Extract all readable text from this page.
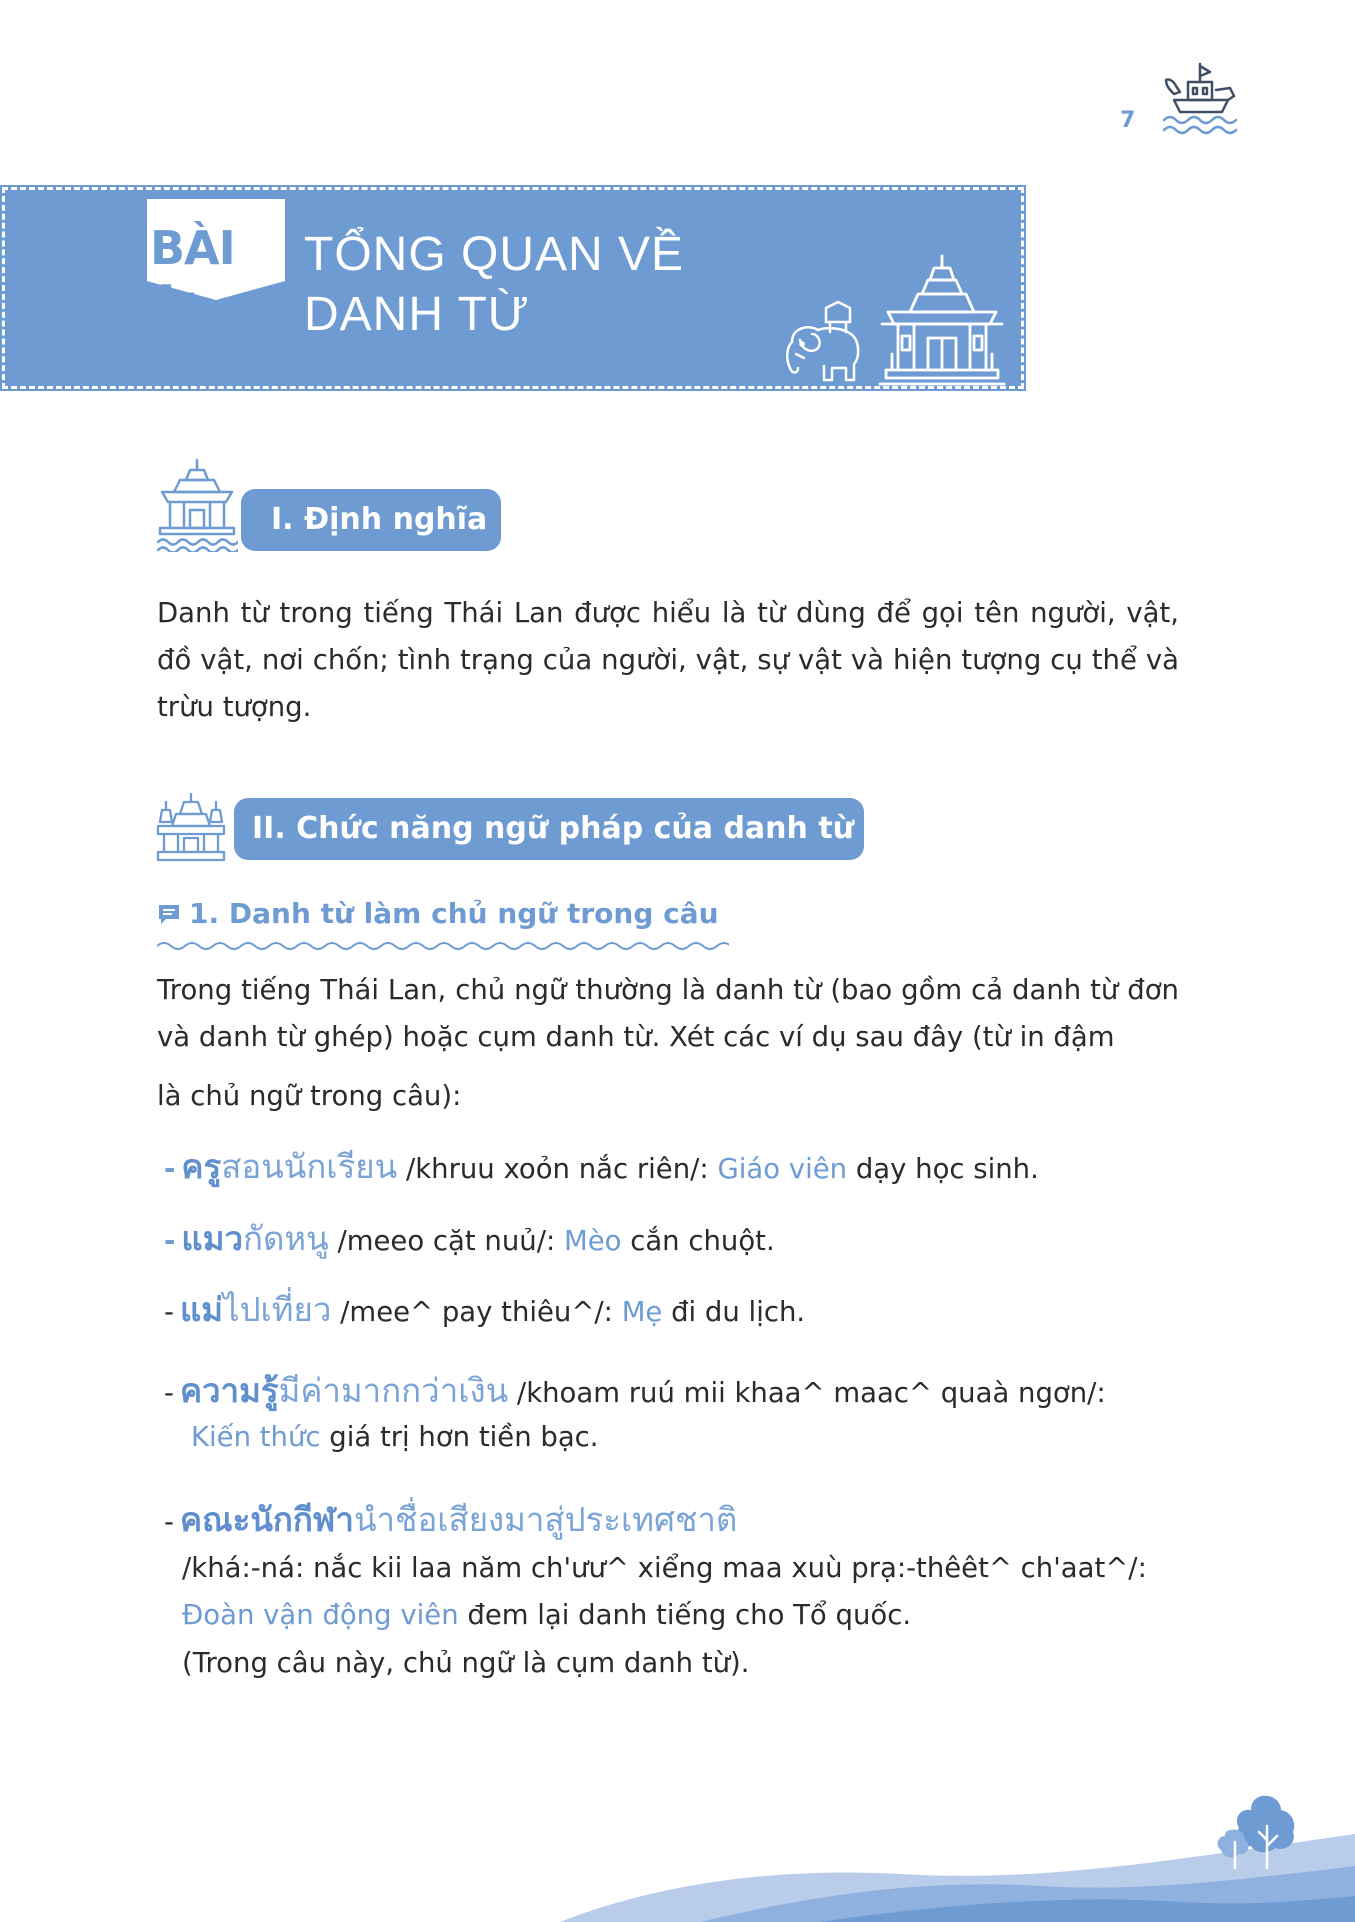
7
BÀI 1:
TỔNG QUAN VỀ
DANH TỪ
I. Định nghĩa
Danh từ trong tiếng Thái Lan được hiểu là từ dùng để gọi tên người, vật, đồ vật, nơi chốn; tình trạng của người, vật, sự vật và hiện tượng cụ thể và trừu tượng.
II. Chức năng ngữ pháp của danh từ
1. Danh từ làm chủ ngữ trong câu
Trong tiếng Thái Lan, chủ ngữ thường là danh từ (bao gồm cả danh từ đơn và danh từ ghép) hoặc cụm danh từ. Xét các ví dụ sau đây (từ in đậm
là chủ ngữ trong câu):
- ครูสอนนักเรียน /khruu xoỏn nắc riên/: Giáo viên dạy học sinh.
- แมวกัดหนู /meeo cặt nuủ/: Mèo cắn chuột.
- แม่ไปเที่ยว /mee^ pay thiêu^/: Mẹ đi du lịch.
- ความรู้มีค่ามากกว่าเงิน /khoam ruú mii khaa^ maac^ quaà ngơn/:
Kiến thức giá trị hơn tiền bạc.
- คณะนักกีฬานำชื่อเสียงมาสู่ประเทศชาติ
/khá:-ná: nắc kii laa năm ch'ưư^ xiểng maa xuù prạ:-thêêt^ ch'aat^/:
Đoàn vận động viên đem lại danh tiếng cho Tổ quốc.
(Trong câu này, chủ ngữ là cụm danh từ).
